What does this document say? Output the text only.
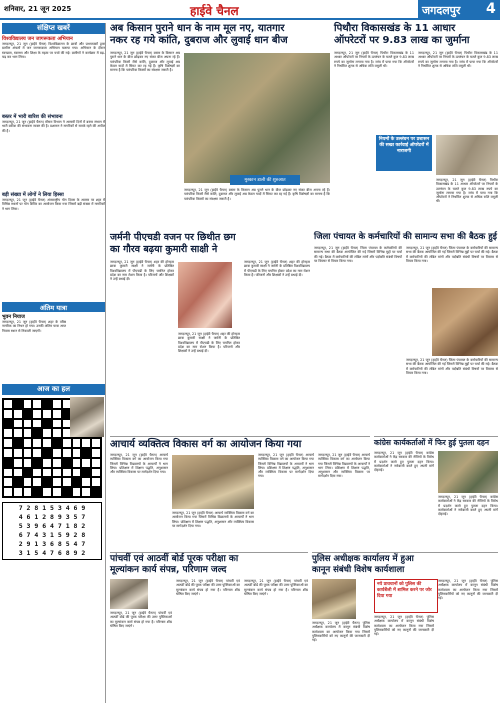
शनिवार, 21 जून 2025	हाईवे चैनल	जगदलपुर 4
संक्षिप्त खबरें
विश्वविद्यालय जन जागरूकता अभियान
जगदलपुर, 21 जून (हाईवे चैनल) विश्वविद्यालय के छात्रों और प्राध्यापकों द्वारा ग्रामीण अंचलों में जन जागरूकता अभियान चलाया गया। अभियान के दौरान स्वच्छता, स्वास्थ्य और शिक्षा के महत्व पर चर्चा की गई। ग्रामीणों ने कार्यक्रम में बढ़-चढ़ कर भाग लिया।
बस्तर में भारी बारिश की संभावना
जगदलपुर, 21 जून (हाईवे चैनल) मौसम विभाग ने आगामी दिनों में बस्तर संभाग में भारी बारिश की संभावना व्यक्त की है। प्रशासन ने नागरिकों से सतर्क रहने की अपील की है।
बड़ी संख्या में लोगों ने लिया हिस्सा
जगदलपुर, 21 जून (हाईवे चैनल) अंतरराष्ट्रीय योग दिवस के अवसर पर शहर में विभिन्न स्थानों पर योग शिविर का आयोजन किया गया जिसमें बड़ी संख्या में नागरिकों ने भाग लिया।
अंतिम यात्रा
भुवन नियाज
जगदलपुर, 21 जून (हाईवे चैनल) शहर के वरिष्ठ नागरिक का निधन हो गया। उनकी अंतिम यात्रा आज निवास स्थान से निकाली जाएगी।
आज का हल
7 2 8 1 5 3 4 6 9
4 6 1 2 8 9 3 5 7
5 3 9 6 4 7 1 8 2
6 7 4 3 1 5 9 2 8
2 9 1 3 6 8 5 4 7
3 1 5 4 7 6 8 9 2
अब किसान पुराने धान के नाम मूल नए, यातगार
नकर रह गये कांति, दुबराज और लुवाई धान बीज
जगदलपुर, 21 जून (हाईवे चैनल) बस्तर के किसान अब पुराने धान के बीज छोड़कर नए संकर बीज अपना रहे हैं। पारंपरिक किस्में जैसे कांति, दुबराज और लुवाई अब केवल यादों में सिमट कर रह गई हैं। कृषि विशेषज्ञों का मानना है कि पारंपरिक किस्मों का संरक्षण जरूरी है।
मुस्कान डाली की शुरुआत
जगदलपुर, 21 जून (हाईवे चैनल) बस्तर के किसान अब पुराने धान के बीज छोड़कर नए संकर बीज अपना रहे हैं। पारंपरिक किस्में जैसे कांति, दुबराज और लुवाई अब केवल यादों में सिमट कर रह गई हैं। कृषि विशेषज्ञों का मानना है कि पारंपरिक किस्मों का संरक्षण जरूरी है।
पिथौरा विकासखंड के 11 आधार
ऑपरेटरों पर 9.83 लाख का जुर्माना
जगदलपुर, 21 जून (हाईवे चैनल) पिथौरा विकासखंड के 11 आधार ऑपरेटरों पर नियमों के उल्लंघन के चलते कुल 9.83 लाख रुपये का जुर्माना लगाया गया है। जांच में पाया गया कि ऑपरेटरों ने निर्धारित शुल्क से अधिक राशि वसूली थी।
नियमों के उल्लंघन पर प्रशासन की सख्त कार्रवाई ऑपरेटरों में नाराजगी
जगदलपुर, 21 जून (हाईवे चैनल) पिथौरा विकासखंड के 11 आधार ऑपरेटरों पर नियमों के उल्लंघन के चलते कुल 9.83 लाख रुपये का जुर्माना लगाया गया है। जांच में पाया गया कि ऑपरेटरों ने निर्धारित शुल्क से अधिक राशि वसूली थी।
जगदलपुर, 21 जून (हाईवे चैनल) पिथौरा विकासखंड के 11 आधार ऑपरेटरों पर नियमों के उल्लंघन के चलते कुल 9.83 लाख रुपये का जुर्माना लगाया गया है। जांच में पाया गया कि ऑपरेटरों ने निर्धारित शुल्क से अधिक राशि वसूली थी।
जर्मनी पीएचडी वजन पर छिथीत छग
का गौरव बढ़या कुमारी साक्षी ने
जगदलपुर, 21 जून (हाईवे चैनल) शहर की होनहार छात्रा कुमारी साक्षी ने जर्मनी के प्रतिष्ठित विश्वविद्यालय में पीएचडी के लिए चयनित होकर प्रदेश का नाम रोशन किया है। परिजनों और शिक्षकों ने उन्हें बधाई दी।
जगदलपुर, 21 जून (हाईवे चैनल) शहर की होनहार छात्रा कुमारी साक्षी ने जर्मनी के प्रतिष्ठित विश्वविद्यालय में पीएचडी के लिए चयनित होकर प्रदेश का नाम रोशन किया है। परिजनों और शिक्षकों ने उन्हें बधाई दी।
जगदलपुर, 21 जून (हाईवे चैनल) शहर की होनहार छात्रा कुमारी साक्षी ने जर्मनी के प्रतिष्ठित विश्वविद्यालय में पीएचडी के लिए चयनित होकर प्रदेश का नाम रोशन किया है। परिजनों और शिक्षकों ने उन्हें बधाई दी।
जिला पंचायत के कर्मचारियों की सामान्य सभा की बैठक हुई
जगदलपुर, 21 जून (हाईवे चैनल) जिला पंचायत के कर्मचारियों की सामान्य सभा की बैठक आयोजित की गई जिसमें विभिन्न मुद्दों पर चर्चा की गई। बैठक में कर्मचारियों की लंबित मांगों और पदोन्नति संबंधी विषयों पर विस्तार से विचार किया गया।
जगदलपुर, 21 जून (हाईवे चैनल) जिला पंचायत के कर्मचारियों की सामान्य सभा की बैठक आयोजित की गई जिसमें विभिन्न मुद्दों पर चर्चा की गई। बैठक में कर्मचारियों की लंबित मांगों और पदोन्नति संबंधी विषयों पर विस्तार से विचार किया गया।
जगदलपुर, 21 जून (हाईवे चैनल) जिला पंचायत के कर्मचारियों की सामान्य सभा की बैठक आयोजित की गई जिसमें विभिन्न मुद्दों पर चर्चा की गई। बैठक में कर्मचारियों की लंबित मांगों और पदोन्नति संबंधी विषयों पर विस्तार से विचार किया गया।
आचार्य व्यक्तित्व विकास वर्ग का आयोजन किया गया
जगदलपुर, 21 जून (हाईवे चैनल) आचार्य व्यक्तित्व विकास वर्ग का आयोजन किया गया जिसमें विभिन्न विद्यालयों के आचार्यों ने भाग लिया। प्रशिक्षण में शिक्षण पद्धति, अनुशासन और व्यक्तित्व विकास पर मार्गदर्शन दिया गया।
जगदलपुर, 21 जून (हाईवे चैनल) आचार्य व्यक्तित्व विकास वर्ग का आयोजन किया गया जिसमें विभिन्न विद्यालयों के आचार्यों ने भाग लिया। प्रशिक्षण में शिक्षण पद्धति, अनुशासन और व्यक्तित्व विकास पर मार्गदर्शन दिया गया।
जगदलपुर, 21 जून (हाईवे चैनल) आचार्य व्यक्तित्व विकास वर्ग का आयोजन किया गया जिसमें विभिन्न विद्यालयों के आचार्यों ने भाग लिया। प्रशिक्षण में शिक्षण पद्धति, अनुशासन और व्यक्तित्व विकास पर मार्गदर्शन दिया गया।
जगदलपुर, 21 जून (हाईवे चैनल) आचार्य व्यक्तित्व विकास वर्ग का आयोजन किया गया जिसमें विभिन्न विद्यालयों के आचार्यों ने भाग लिया। प्रशिक्षण में शिक्षण पद्धति, अनुशासन और व्यक्तित्व विकास पर मार्गदर्शन दिया गया।
कांग्रेस कार्यकर्ताओं में फिर हुई पुतला दहन
जगदलपुर, 21 जून (हाईवे चैनल) कांग्रेस कार्यकर्ताओं ने केंद्र सरकार की नीतियों के विरोध में प्रदर्शन करते हुए पुतला दहन किया। कार्यकर्ताओं ने नारेबाजी करते हुए अपनी मांगें दोहराईं।
जगदलपुर, 21 जून (हाईवे चैनल) कांग्रेस कार्यकर्ताओं ने केंद्र सरकार की नीतियों के विरोध में प्रदर्शन करते हुए पुतला दहन किया। कार्यकर्ताओं ने नारेबाजी करते हुए अपनी मांगें दोहराईं।
पांचवीं एवं आठवीं बोर्ड पूरक परीक्षा का
मूल्यांकन कार्य संपन्न, परिणाम जल्द
जगदलपुर, 21 जून (हाईवे चैनल) पांचवीं एवं आठवीं बोर्ड की पूरक परीक्षा की उत्तर पुस्तिकाओं का मूल्यांकन कार्य संपन्न हो गया है। परिणाम शीघ्र घोषित किए जाएंगे।
जगदलपुर, 21 जून (हाईवे चैनल) पांचवीं एवं आठवीं बोर्ड की पूरक परीक्षा की उत्तर पुस्तिकाओं का मूल्यांकन कार्य संपन्न हो गया है। परिणाम शीघ्र घोषित किए जाएंगे।
जगदलपुर, 21 जून (हाईवे चैनल) पांचवीं एवं आठवीं बोर्ड की पूरक परीक्षा की उत्तर पुस्तिकाओं का मूल्यांकन कार्य संपन्न हो गया है। परिणाम शीघ्र घोषित किए जाएंगे।
पुलिस अधीक्षक कार्यालय में हुआ
कानून संबंधी विशेष कार्यशाला
जगदलपुर, 21 जून (हाईवे चैनल) पुलिस अधीक्षक कार्यालय में कानून संबंधी विशेष कार्यशाला का आयोजन किया गया जिसमें पुलिसकर्मियों को नए कानूनों की जानकारी दी गई।
नये प्रावधानों को पुलिस की कार्यशैली में शामिल करने पर जोर दिया गया
जगदलपुर, 21 जून (हाईवे चैनल) पुलिस अधीक्षक कार्यालय में कानून संबंधी विशेष कार्यशाला का आयोजन किया गया जिसमें पुलिसकर्मियों को नए कानूनों की जानकारी दी गई।
जगदलपुर, 21 जून (हाईवे चैनल) पुलिस अधीक्षक कार्यालय में कानून संबंधी विशेष कार्यशाला का आयोजन किया गया जिसमें पुलिसकर्मियों को नए कानूनों की जानकारी दी गई।
